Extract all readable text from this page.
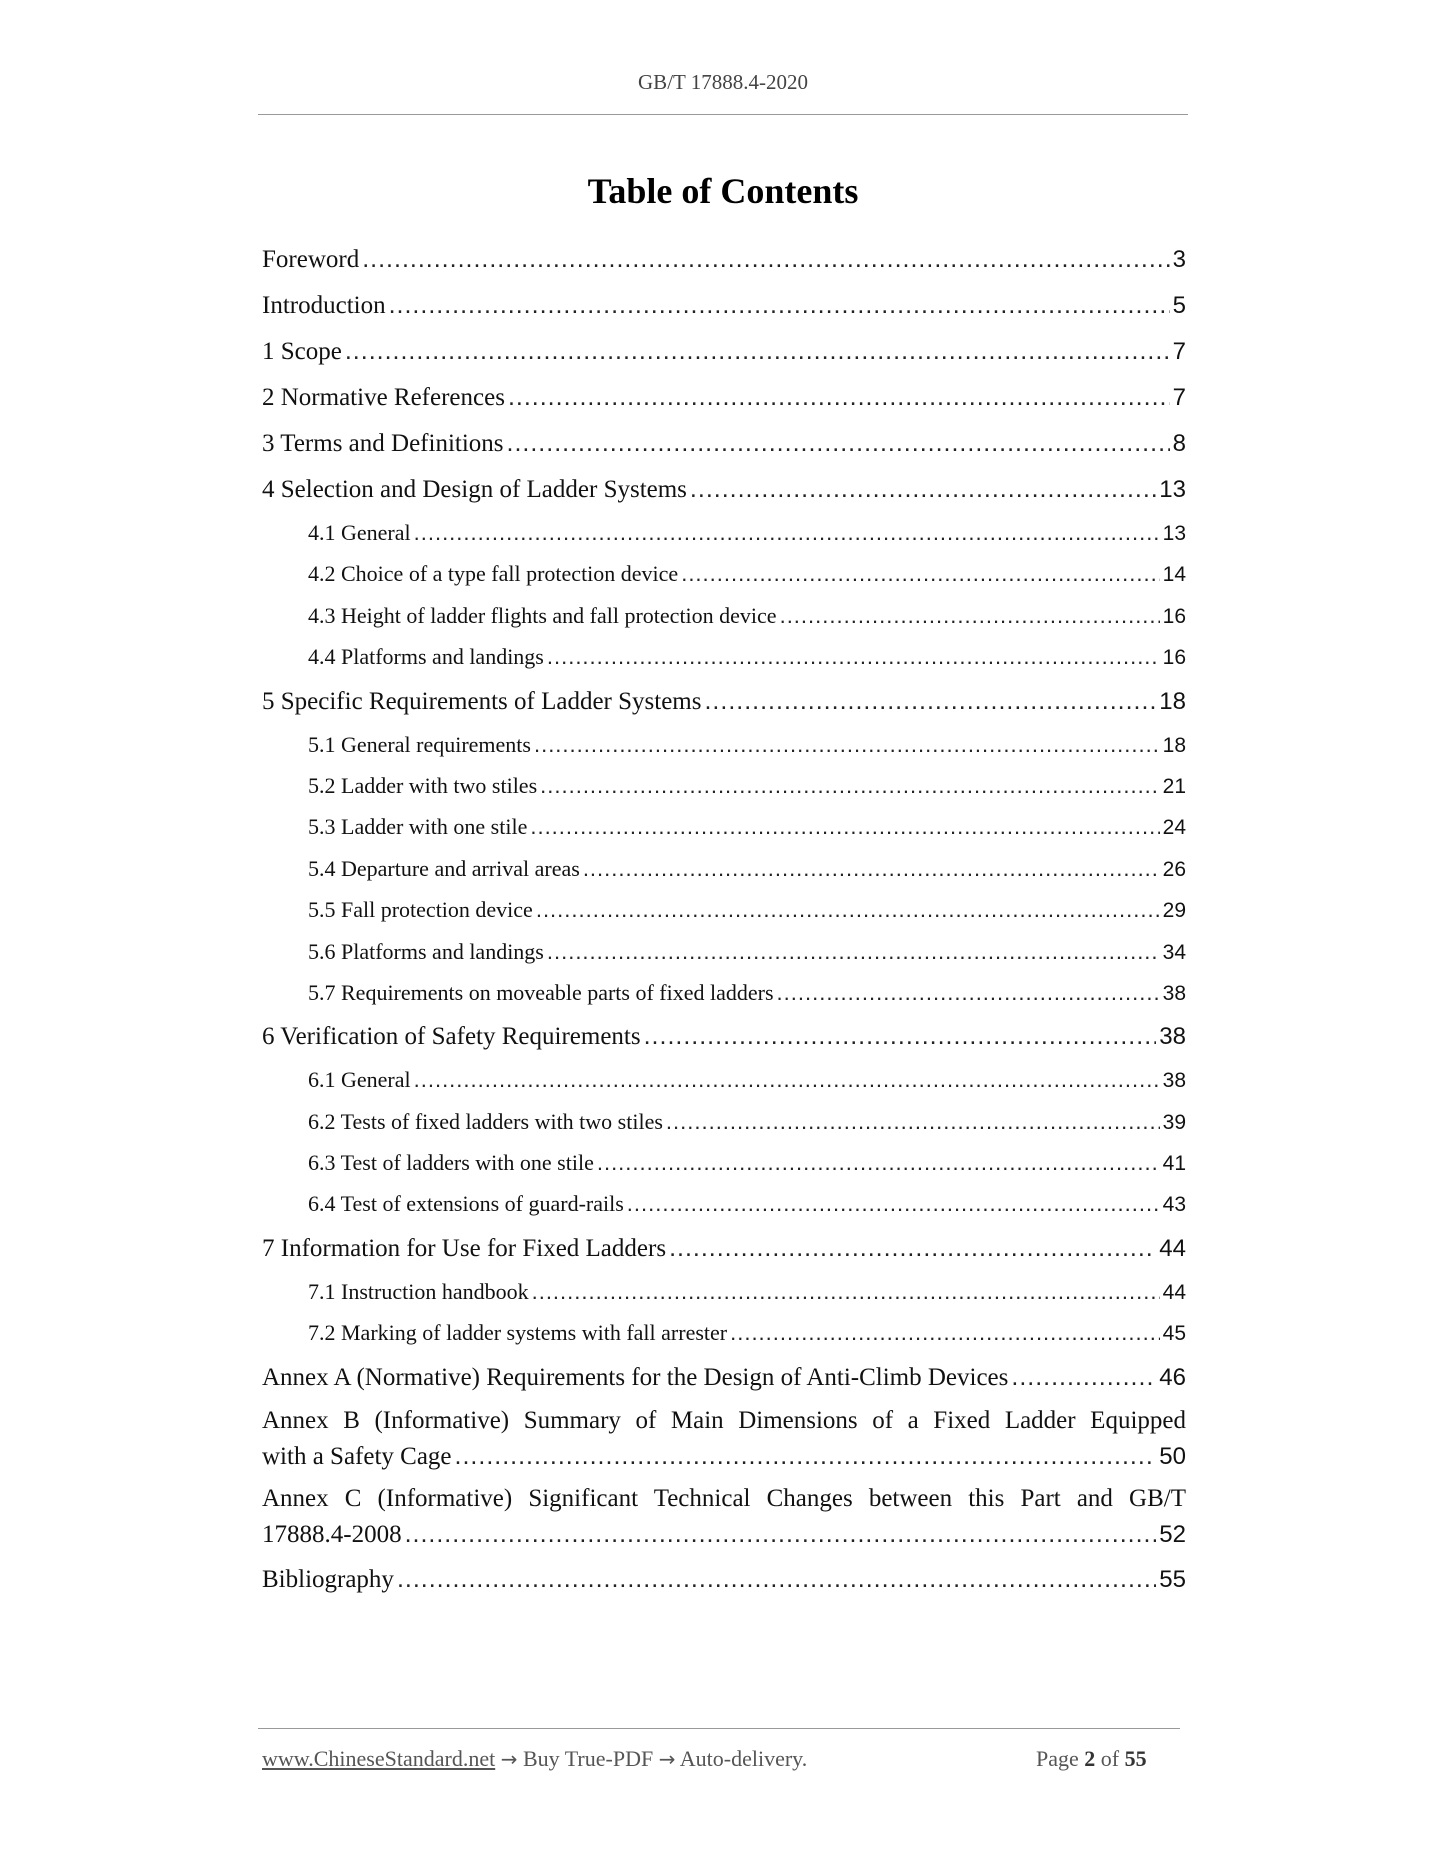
GB/T 17888.4-2020
Table of Contents
Foreword .....	3
Introduction .....	5
1 Scope .....	7
2 Normative References .....	7
3 Terms and Definitions .....	8
4 Selection and Design of Ladder Systems .....	13
4.1 General .....	13
4.2 Choice of a type fall protection device .....	14
4.3 Height of ladder flights and fall protection device .....	16
4.4 Platforms and landings .....	16
5 Specific Requirements of Ladder Systems .....	18
5.1 General requirements .....	18
5.2 Ladder with two stiles .....	21
5.3 Ladder with one stile .....	24
5.4 Departure and arrival areas .....	26
5.5 Fall protection device .....	29
5.6 Platforms and landings .....	34
5.7 Requirements on moveable parts of fixed ladders .....	38
6 Verification of Safety Requirements .....	38
6.1 General .....	38
6.2 Tests of fixed ladders with two stiles .....	39
6.3 Test of ladders with one stile .....	41
6.4 Test of extensions of guard-rails .....	43
7 Information for Use for Fixed Ladders .....	44
7.1 Instruction handbook .....	44
7.2 Marking of ladder systems with fall arrester .....	45
Annex A (Normative) Requirements for the Design of Anti-Climb Devices .....	46
Annex B (Informative) Summary of Main Dimensions of a Fixed Ladder Equipped
with a Safety Cage .....	50
Annex C (Informative) Significant Technical Changes between this Part and GB/T
17888.4-2008 .....	52
Bibliography .....	55
www.ChineseStandard.net → Buy True-PDF → Auto-delivery.	Page 2 of 55
